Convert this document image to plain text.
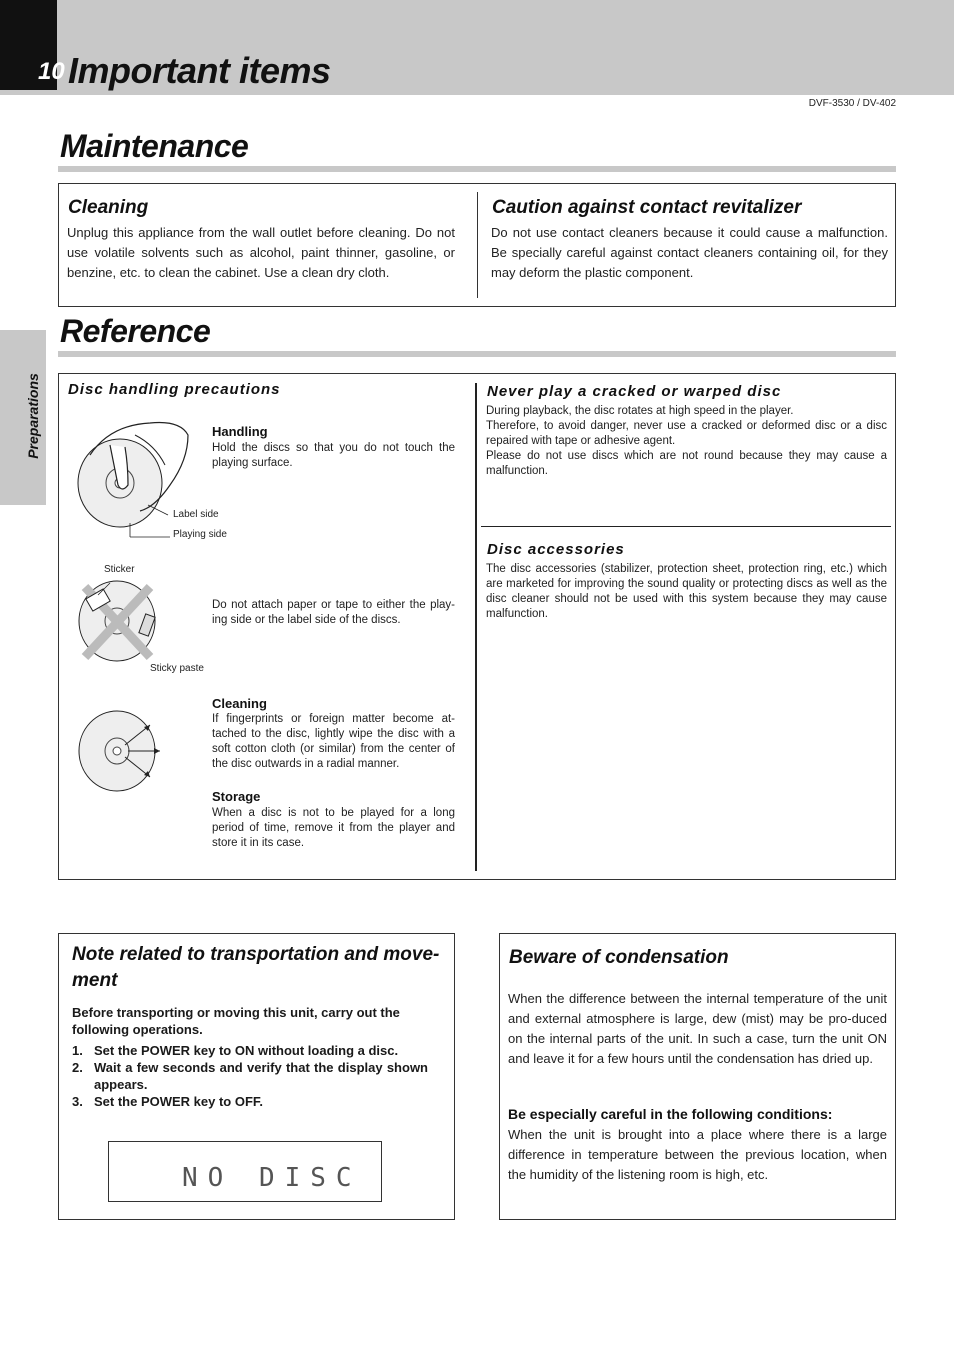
10 Important items
DVF-3530 / DV-402
Preparations
Maintenance
Cleaning
Unplug this appliance from the wall outlet before cleaning. Do not use volatile solvents such as alcohol, paint thinner, gasoline, or benzine, etc. to clean the cabinet. Use a clean dry cloth.
Caution against contact revitalizer
Do not use contact cleaners because it could cause a malfunction. Be specially careful against contact cleaners containing oil, for they may deform the plastic component.
Reference
Disc handling precautions
Label side
Playing side
Handling
Hold the discs so that you do not touch the playing surface.
Sticker
Sticky paste
Do not attach paper or tape to either the play-ing side or the label side of the discs.
Cleaning
If fingerprints or foreign matter become at-tached to the disc, lightly wipe the disc with a soft cotton cloth (or similar) from the center of the disc outwards in a radial manner.
Storage
When a disc is not to be played for a long period of time, remove it from the player and store it in its case.
Never play a cracked or warped disc
During playback, the disc rotates at high speed in the player.
Therefore, to avoid danger, never use a cracked or deformed disc or a disc repaired with tape or adhesive agent.
Please do not use discs which are not round because they may cause a malfunction.
Disc accessories
The disc accessories (stabilizer, protection sheet, protection ring, etc.) which are marketed for improving the sound quality or protecting discs as well as the disc cleaner should not be used with this system because they may cause malfunction.
Note related to transportation and move-ment
Before transporting or moving this unit, carry out the following operations.
1. Set the POWER key to ON without loading a disc.
2. Wait a few seconds and verify that the display shown appears.
3. Set the POWER key to OFF.
NO DISC
Beware of condensation
When the difference between the internal temperature of the unit and external atmosphere is large, dew (mist) may be pro-duced on the internal parts of the unit. In such a case, turn the unit ON and leave it for a few hours until the condensation has dried up.
Be especially careful in the following conditions:
When the unit is brought into a place where there is a large difference in temperature between the previous location, when the humidity of the listening room is high, etc.
